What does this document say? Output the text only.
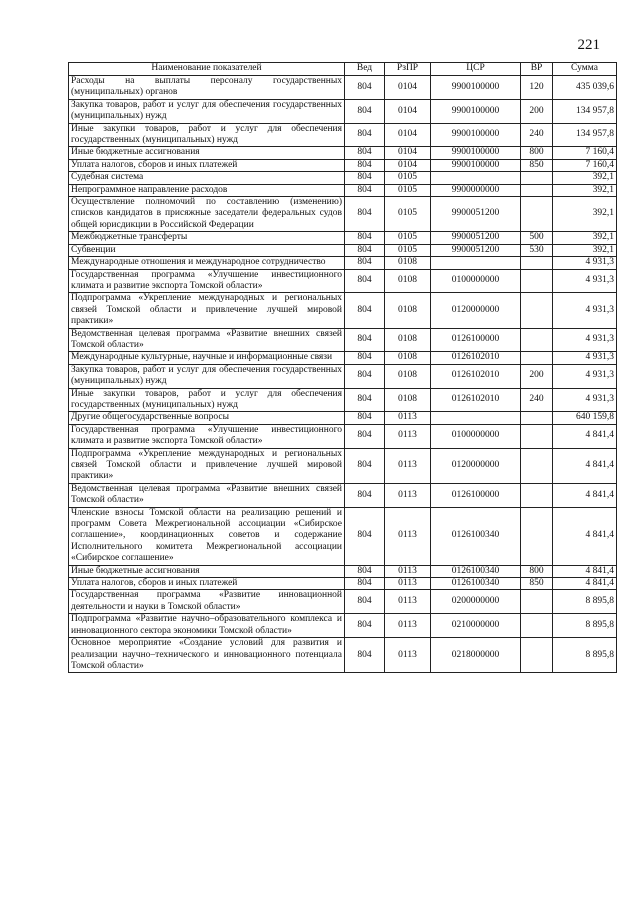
221
Наименование показателей	Вед	РзПР	ЦСР	ВР	Сумма
Расходы на выплаты персоналу государственных (муниципальных) органов	804	0104	9900100000	120	435 039,6
Закупка товаров, работ и услуг для обеспечения государственных (муниципальных) нужд	804	0104	9900100000	200	134 957,8
Иные закупки товаров, работ и услуг для обеспечения государственных (муниципальных) нужд	804	0104	9900100000	240	134 957,8
Иные бюджетные ассигнования	804	0104	9900100000	800	7 160,4
Уплата налогов, сборов и иных платежей	804	0104	9900100000	850	7 160,4
Судебная система	804	0105			392,1
Непрограммное направление расходов	804	0105	9900000000		392,1
Осуществление полномочий по составлению (изменению) списков кандидатов в присяжные заседатели федеральных судов общей юрисдикции в Российской Федерации	804	0105	9900051200		392,1
Межбюджетные трансферты	804	0105	9900051200	500	392,1
Субвенции	804	0105	9900051200	530	392,1
Международные отношения и международное сотрудничество	804	0108			4 931,3
Государственная программа «Улучшение инвестиционного климата и развитие экспорта Томской области»	804	0108	0100000000		4 931,3
Подпрограмма «Укрепление международных и региональных связей Томской области и привлечение лучшей мировой практики»	804	0108	0120000000		4 931,3
Ведомственная целевая программа «Развитие внешних связей Томской области»	804	0108	0126100000		4 931,3
Международные культурные, научные и информационные связи	804	0108	0126102010		4 931,3
Закупка товаров, работ и услуг для обеспечения государственных (муниципальных) нужд	804	0108	0126102010	200	4 931,3
Иные закупки товаров, работ и услуг для обеспечения государственных (муниципальных) нужд	804	0108	0126102010	240	4 931,3
Другие общегосударственные вопросы	804	0113			640 159,8
Государственная программа «Улучшение инвестиционного климата и развитие экспорта Томской области»	804	0113	0100000000		4 841,4
Подпрограмма «Укрепление международных и региональных связей Томской области и привлечение лучшей мировой практики»	804	0113	0120000000		4 841,4
Ведомственная целевая программа «Развитие внешних связей Томской области»	804	0113	0126100000		4 841,4
Членские взносы Томской области на реализацию решений и программ Совета Межрегиональной ассоциации «Сибирское соглашение», координационных советов и содержание Исполнительного комитета Межрегиональной ассоциации «Сибирское соглашение»	804	0113	0126100340		4 841,4
Иные бюджетные ассигнования	804	0113	0126100340	800	4 841,4
Уплата налогов, сборов и иных платежей	804	0113	0126100340	850	4 841,4
Государственная программа «Развитие инновационной деятельности и науки в Томской области»	804	0113	0200000000		8 895,8
Подпрограмма «Развитие научно–образовательного комплекса и инновационного сектора экономики Томской области»	804	0113	0210000000		8 895,8
Основное мероприятие «Создание условий для развития и реализации научно–технического и инновационного потенциала Томской области»	804	0113	0218000000		8 895,8
